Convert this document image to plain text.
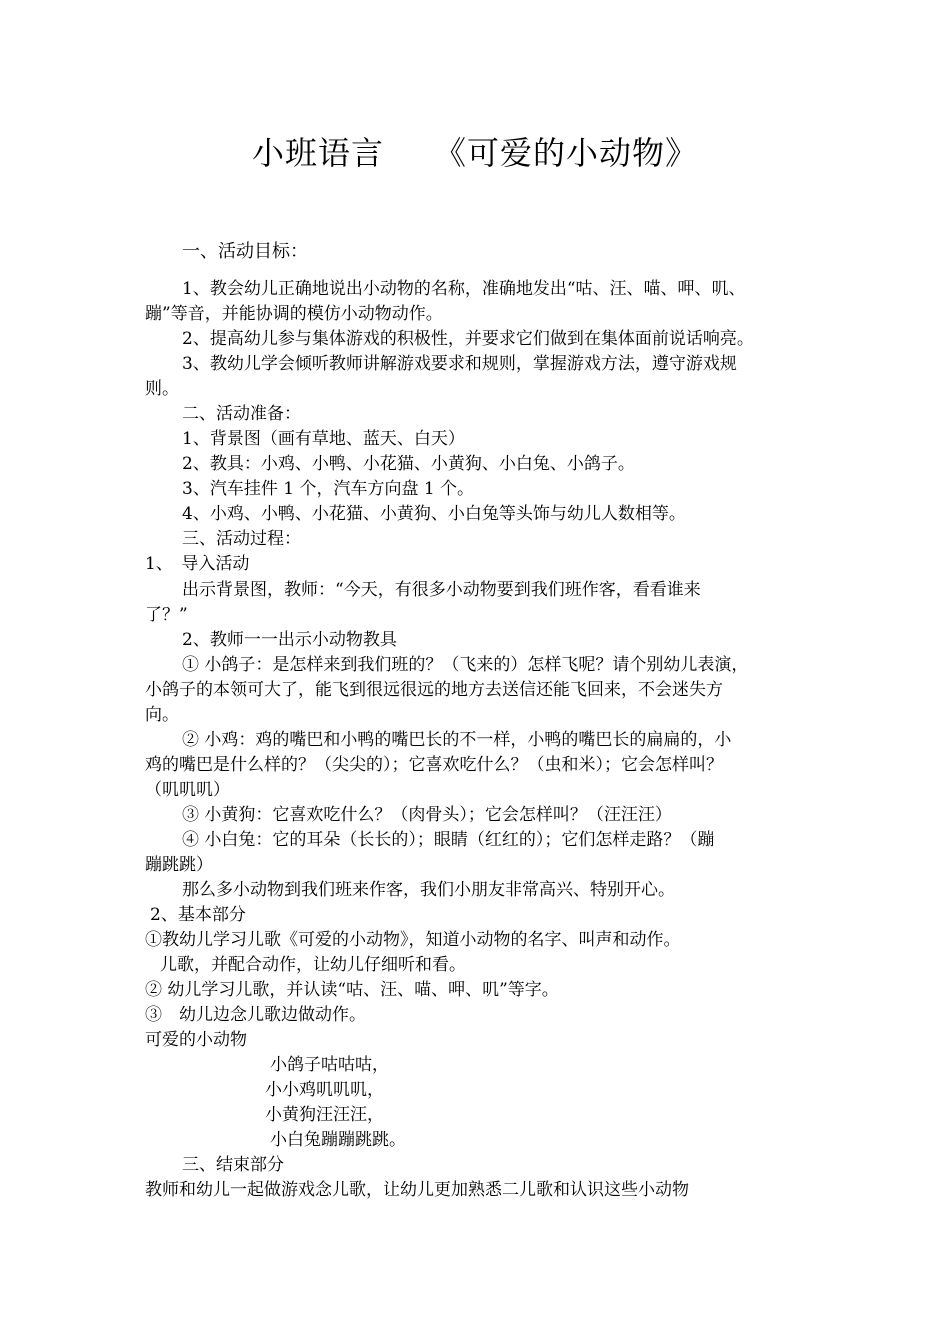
小班语言　　《可爱的小动物》
一、活动目标：
1、教会幼儿正确地说出小动物的名称，准确地发出“咕、汪、喵、呷、叽、
蹦”等音，并能协调的模仿小动物动作。
2、提高幼儿参与集体游戏的积极性，并要求它们做到在集体面前说话响亮。
3、教幼儿学会倾听教师讲解游戏要求和规则，掌握游戏方法，遵守游戏规
则。
二、活动准备：
1、背景图（画有草地、蓝天、白天）
2、教具：小鸡、小鸭、小花猫、小黄狗、小白兔、小鸽子。
3、汽车挂件 1 个，汽车方向盘 1 个。
4、小鸡、小鸭、小花猫、小黄狗、小白兔等头饰与幼儿人数相等。
三、活动过程：
1、　导入活动
出示背景图，教师：“今天，有很多小动物要到我们班作客，看看谁来
了？”
2、教师一一出示小动物教具
① 小鸽子：是怎样来到我们班的？（飞来的）怎样飞呢？请个别幼儿表演，
小鸽子的本领可大了，能飞到很远很远的地方去送信还能飞回来，不会迷失方
向。
② 小鸡：鸡的嘴巴和小鸭的嘴巴长的不一样，小鸭的嘴巴长的扁扁的，小
鸡的嘴巴是什么样的？（尖尖的）；它喜欢吃什么？（虫和米）；它会怎样叫？
（叽叽叽）
③ 小黄狗：它喜欢吃什么？（肉骨头）；它会怎样叫？（汪汪汪）
④ 小白兔：它的耳朵（长长的）；眼睛（红红的）；它们怎样走路？（蹦
蹦跳跳）
那么多小动物到我们班来作客，我们小朋友非常高兴、特别开心。
2、基本部分
①教幼儿学习儿歌《可爱的小动物》，知道小动物的名字、叫声和动作。
儿歌，并配合动作，让幼儿仔细听和看。
② 幼儿学习儿歌，并认读“咕、汪、喵、呷、叽”等字。
③　幼儿边念儿歌边做动作。
可爱的小动物
小鸽子咕咕咕，
小小鸡叽叽叽，
小黄狗汪汪汪，
小白兔蹦蹦跳跳。
三、结束部分
教师和幼儿一起做游戏念儿歌，让幼儿更加熟悉二儿歌和认识这些小动物
